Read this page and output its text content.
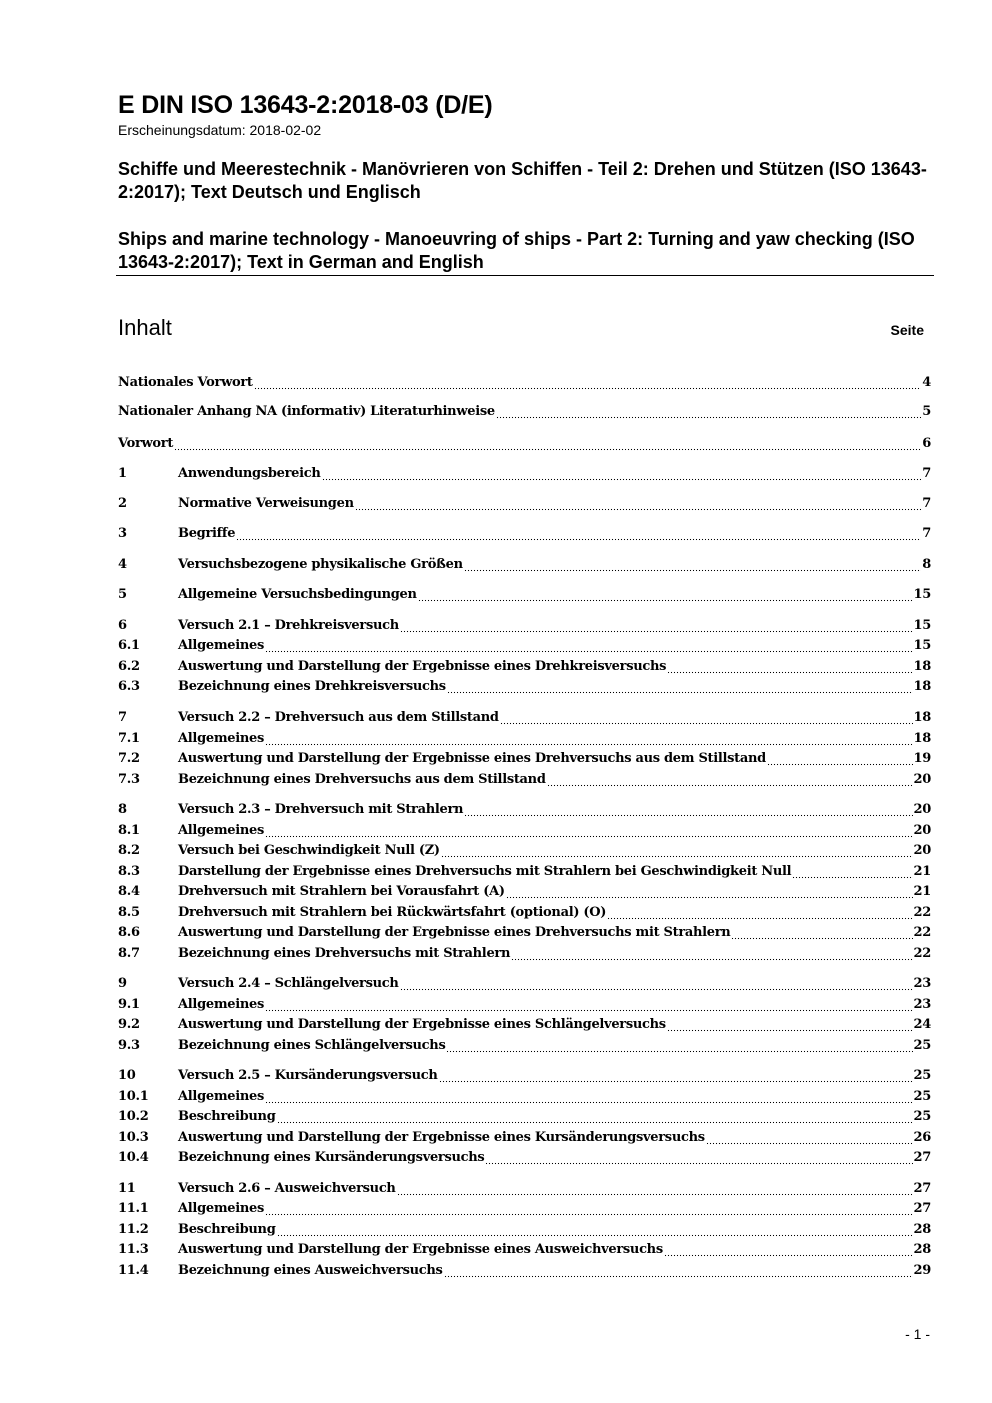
E DIN ISO 13643-2:2018-03 (D/E)
Erscheinungsdatum: 2018-02-02
Schiffe und Meerestechnik - Manövrieren von Schiffen - Teil 2: Drehen und Stützen (ISO 13643-2:2017); Text Deutsch und Englisch
Ships and marine technology - Manoeuvring of ships - Part 2: Turning and yaw checking (ISO 13643-2:2017); Text in German and English
Inhalt	Seite
Nationales Vorwort	4
Nationaler Anhang NA (informativ) Literaturhinweise	5
Vorwort	6
1	Anwendungsbereich	7
2	Normative Verweisungen	7
3	Begriffe	7
4	Versuchsbezogene physikalische Größen	8
5	Allgemeine Versuchsbedingungen	15
6	Versuch 2.1 – Drehkreisversuch	15
6.1	Allgemeines	15
6.2	Auswertung und Darstellung der Ergebnisse eines Drehkreisversuchs	18
6.3	Bezeichnung eines Drehkreisversuchs	18
7	Versuch 2.2 – Drehversuch aus dem Stillstand	18
7.1	Allgemeines	18
7.2	Auswertung und Darstellung der Ergebnisse eines Drehversuchs aus dem Stillstand	19
7.3	Bezeichnung eines Drehversuchs aus dem Stillstand	20
8	Versuch 2.3 – Drehversuch mit Strahlern	20
8.1	Allgemeines	20
8.2	Versuch bei Geschwindigkeit Null (Z)	20
8.3	Darstellung der Ergebnisse eines Drehversuchs mit Strahlern bei Geschwindigkeit Null	21
8.4	Drehversuch mit Strahlern bei Vorausfahrt (A)	21
8.5	Drehversuch mit Strahlern bei Rückwärtsfahrt (optional) (O)	22
8.6	Auswertung und Darstellung der Ergebnisse eines Drehversuchs mit Strahlern	22
8.7	Bezeichnung eines Drehversuchs mit Strahlern	22
9	Versuch 2.4 – Schlängelversuch	23
9.1	Allgemeines	23
9.2	Auswertung und Darstellung der Ergebnisse eines Schlängelversuchs	24
9.3	Bezeichnung eines Schlängelversuchs	25
10	Versuch 2.5 – Kursänderungsversuch	25
10.1	Allgemeines	25
10.2	Beschreibung	25
10.3	Auswertung und Darstellung der Ergebnisse eines Kursänderungsversuchs	26
10.4	Bezeichnung eines Kursänderungsversuchs	27
11	Versuch 2.6 – Ausweichversuch	27
11.1	Allgemeines	27
11.2	Beschreibung	28
11.3	Auswertung und Darstellung der Ergebnisse eines Ausweichversuchs	28
11.4	Bezeichnung eines Ausweichversuchs	29
- 1 -
